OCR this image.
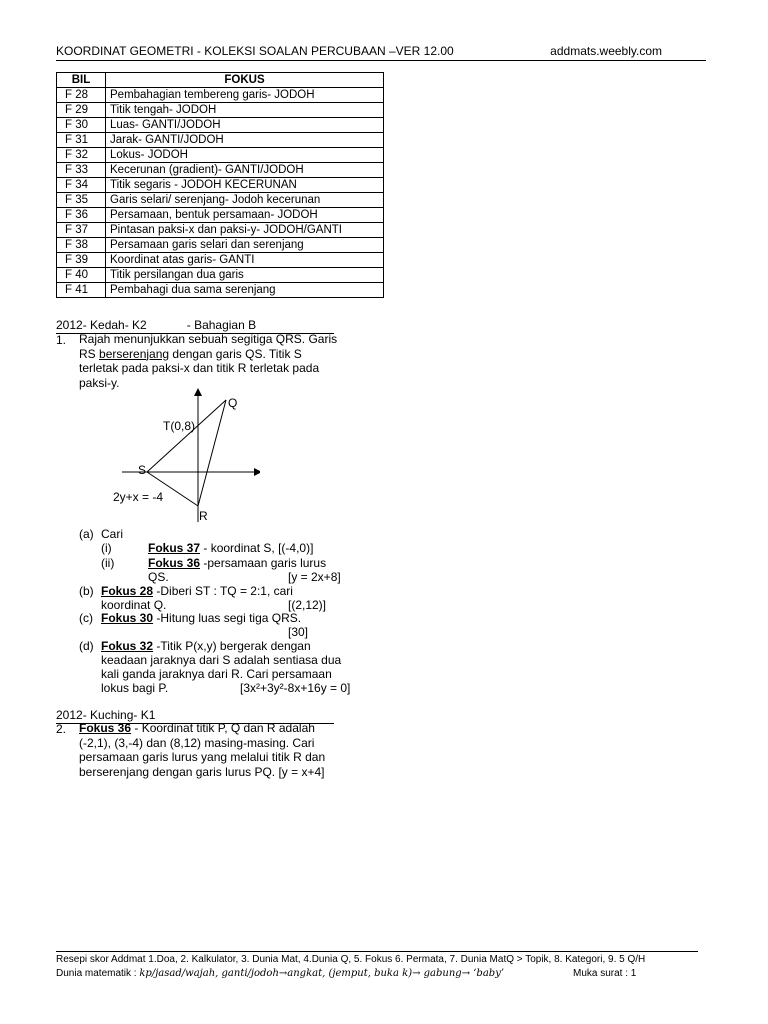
KOORDINAT GEOMETRI - KOLEKSI SOALAN PERCUBAAN –VER 12.00	addmats.weebly.com
BIL	FOKUS
F 28	Pembahagian tembereng garis- JODOH
F 29	Titik tengah- JODOH
F 30	Luas- GANTI/JODOH
F 31	Jarak- GANTI/JODOH
F 32	Lokus- JODOH
F 33	Kecerunan (gradient)- GANTI/JODOH
F 34	Titik segaris - JODOH KECERUNAN
F 35	Garis selari/ serenjang- Jodoh kecerunan
F 36	Persamaan, bentuk persamaan- JODOH
F 37	Pintasan paksi-x dan paksi-y- JODOH/GANTI
F 38	Persamaan garis selari dan serenjang
F 39	Koordinat atas garis- GANTI
F 40	Titik persilangan dua garis
F 41	Pembahagi dua sama serenjang
2012- Kedah- K2            - Bahagian B
1. Rajah menunjukkan sebuah segitiga QRS. Garis
RS berserenjang dengan garis QS. Titik S
terletak pada paksi-x dan titik R terletak pada
paksi-y.
Q
T(0,8)
S
2y+x = -4
R
(a) Cari
(i)	Fokus 37 - koordinat S, [(-4,0)]
(ii)	Fokus 36 -persamaan garis lurus
QS.	[y = 2x+8]
(b) Fokus 28 -Diberi ST : TQ = 2:1, cari
koordinat Q.	[(2,12)]
(c) Fokus 30 -Hitung luas segi tiga QRS.
[30]
(d) Fokus 32 -Titik P(x,y) bergerak dengan
keadaan jaraknya dari S adalah sentiasa dua
kali ganda jaraknya dari R. Cari persamaan
lokus bagi P.	[3x²+3y²-8x+16y = 0]
2012- Kuching- K1
2. Fokus 36 - Koordinat titik P, Q dan R adalah
(-2,1), (3,-4) dan (8,12) masing-masing. Cari
persamaan garis lurus yang melalui titik R dan
berserenjang dengan garis lurus PQ. [y = x+4]
Resepi skor Addmat 1.Doa, 2. Kalkulator, 3. Dunia Mat, 4.Dunia Q, 5. Fokus 6. Permata, 7. Dunia MatQ > Topik, 8. Kategori, 9. 5 Q/H
Dunia matematik : kp/jasad/wajah, ganti/jodoh→angkat, (jemput, buka k)→ gabung→ ‘baby’	Muka surat : 1
